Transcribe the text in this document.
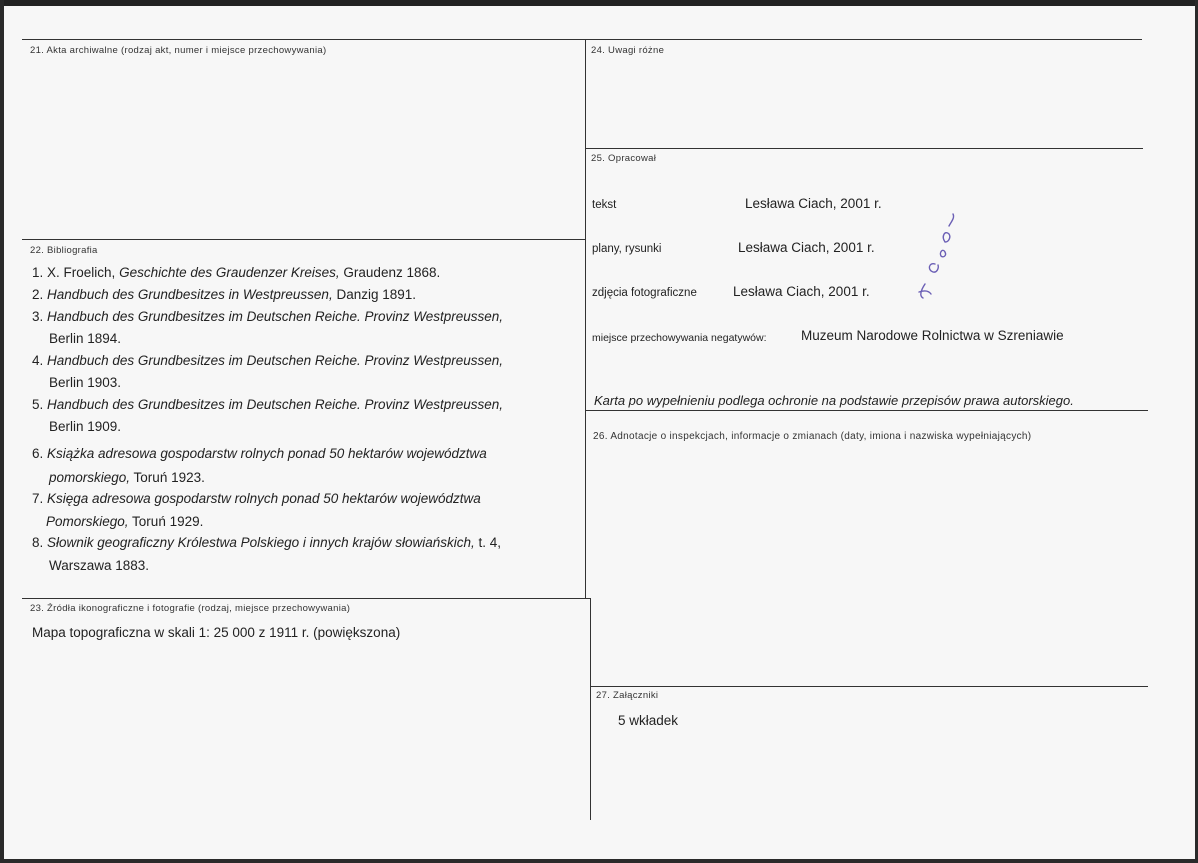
21. Akta archiwalne (rodzaj akt, numer i miejsce przechowywania)
22. Bibliografia
1. X. Froelich, Geschichte des Graudenzer Kreises, Graudenz 1868.
2. Handbuch des Grundbesitzes in Westpreussen, Danzig 1891.
3. Handbuch des Grundbesitzes im Deutschen Reiche. Provinz Westpreussen,
Berlin 1894.
4. Handbuch des Grundbesitzes im Deutschen Reiche. Provinz Westpreussen,
Berlin 1903.
5. Handbuch des Grundbesitzes im Deutschen Reiche. Provinz Westpreussen,
Berlin 1909.
6. Książka adresowa gospodarstw rolnych ponad 50 hektarów województwa
pomorskiego, Toruń 1923.
7. Księga adresowa gospodarstw rolnych ponad 50 hektarów województwa
Pomorskiego, Toruń 1929.
8. Słownik geograficzny Królestwa Polskiego i innych krajów słowiańskich, t. 4,
Warszawa 1883.
23. Źródła ikonograficzne i fotografie (rodzaj, miejsce przechowywania)
Mapa topograficzna w skali 1: 25 000 z 1911 r. (powiększona)
24. Uwagi różne
25. Opracował
tekst	Lesława Ciach, 2001 r.
plany, rysunki	Lesława Ciach, 2001 r.
zdjęcia fotograficzne	Lesława Ciach, 2001 r.
miejsce przechowywania negatywów:	Muzeum Narodowe Rolnictwa w Szreniawie
Karta po wypełnieniu podlega ochronie na podstawie przepisów prawa autorskiego.
26. Adnotacje o inspekcjach, informacje o zmianach (daty, imiona i nazwiska wypełniających)
27. Załączniki
5 wkładek
